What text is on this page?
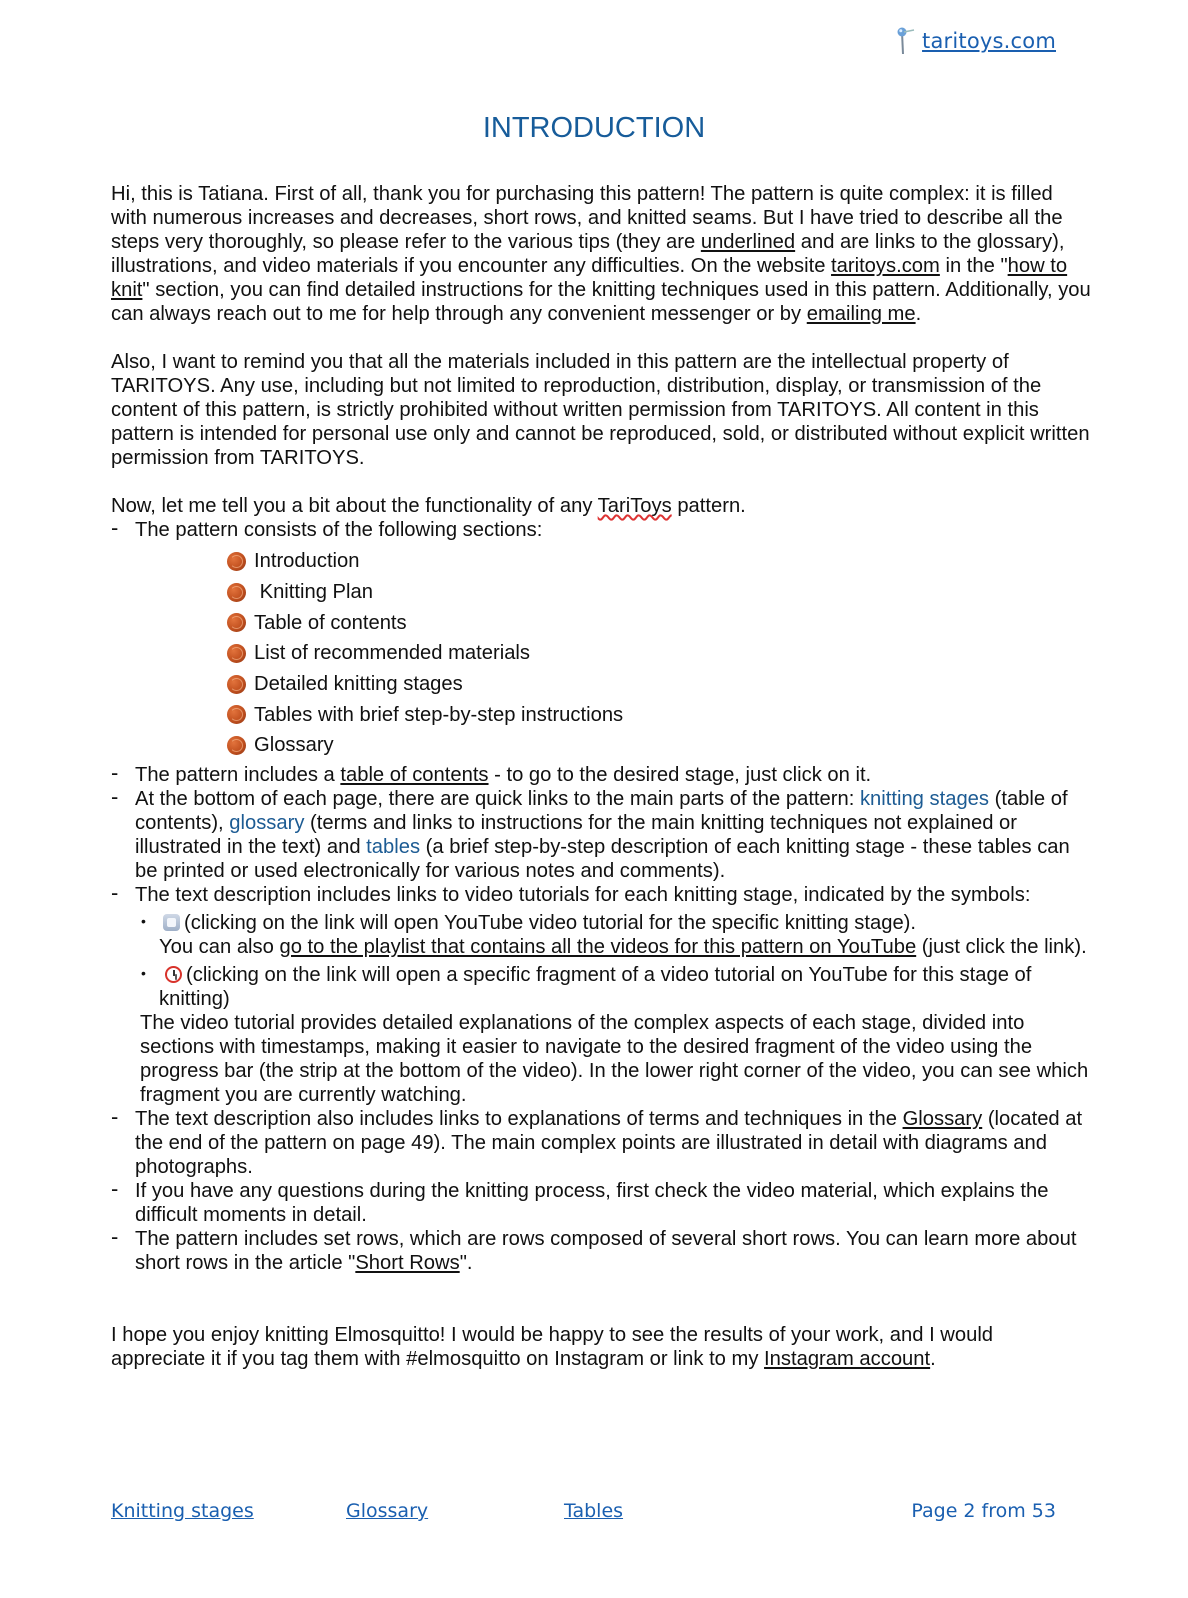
taritoys.com
INTRODUCTION

Hi, this is Tatiana. First of all, thank you for purchasing this pattern! The pattern is quite complex: it is filled with numerous increases and decreases, short rows, and knitted seams. But I have tried to describe all the steps very thoroughly, so please refer to the various tips (they are underlined and are links to the glossary), illustrations, and video materials if you encounter any difficulties. On the website taritoys.com in the "how to knit" section, you can find detailed instructions for the knitting techniques used in this pattern. Additionally, you can always reach out to me for help through any convenient messenger or by emailing me.

Also, I want to remind you that all the materials included in this pattern are the intellectual property of TARITOYS. Any use, including but not limited to reproduction, distribution, display, or transmission of the content of this pattern, is strictly prohibited without written permission from TARITOYS. All content in this pattern is intended for personal use only and cannot be reproduced, sold, or distributed without explicit written permission from TARITOYS.

Now, let me tell you a bit about the functionality of any TariToys pattern.

- The pattern consists of the following sections:
Introduction
Knitting Plan
Table of contents
List of recommended materials
Detailed knitting stages
Tables with brief step-by-step instructions
Glossary
- The pattern includes a table of contents - to go to the desired stage, just click on it.
- At the bottom of each page, there are quick links to the main parts of the pattern: knitting stages (table of contents), glossary (terms and links to instructions for the main knitting techniques not explained or illustrated in the text) and tables (a brief step-by-step description of each knitting stage - these tables can be printed or used electronically for various notes and comments).
- The text description includes links to video tutorials for each knitting stage, indicated by the symbols:
• (clicking on the link will open YouTube video tutorial for the specific knitting stage).
You can also go to the playlist that contains all the videos for this pattern on YouTube (just click the link).
• (clicking on the link will open a specific fragment of a video tutorial on YouTube for this stage of knitting)

The video tutorial provides detailed explanations of the complex aspects of each stage, divided into sections with timestamps, making it easier to navigate to the desired fragment of the video using the progress bar (the strip at the bottom of the video). In the lower right corner of the video, you can see which fragment you are currently watching.

- The text description also includes links to explanations of terms and techniques in the Glossary (located at the end of the pattern on page 49). The main complex points are illustrated in detail with diagrams and photographs.
- If you have any questions during the knitting process, first check the video material, which explains the difficult moments in detail.
- The pattern includes set rows, which are rows composed of several short rows. You can learn more about short rows in the article "Short Rows".

I hope you enjoy knitting Elmosquitto! I would be happy to see the results of your work, and I would appreciate it if you tag them with #elmosquitto on Instagram or link to my Instagram account.

Knitting stages	Glossary	Tables	Page 2 from 53
